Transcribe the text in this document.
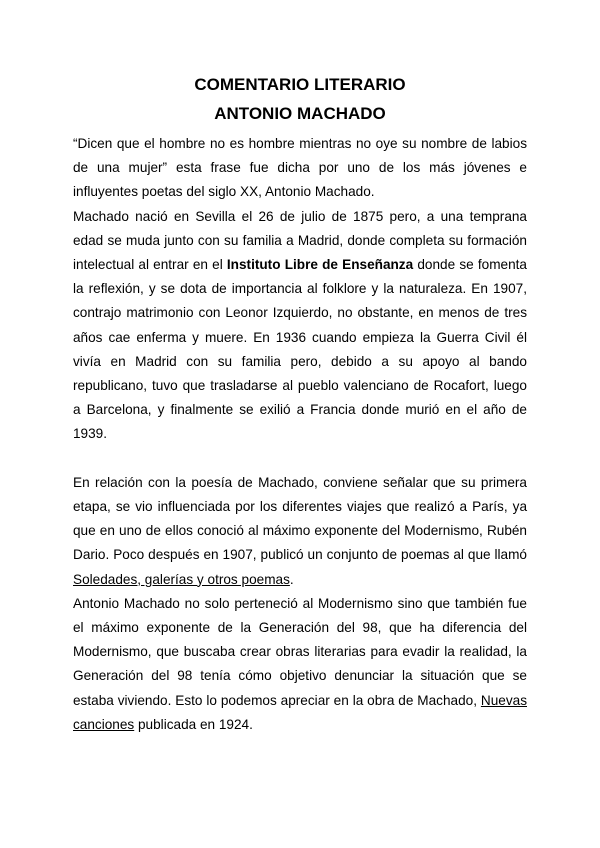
COMENTARIO LITERARIO
ANTONIO MACHADO

“Dicen que el hombre no es hombre mientras no oye su nombre de labios de una mujer” esta frase fue dicha por uno de los más jóvenes e influyentes poetas del siglo XX, Antonio Machado.

Machado nació en Sevilla el 26 de julio de 1875 pero, a una temprana edad se muda junto con su familia a Madrid, donde completa su formación intelectual al entrar en el Instituto Libre de Enseñanza donde se fomenta la reflexión, y se dota de importancia al folklore y la naturaleza. En 1907, contrajo matrimonio con Leonor Izquierdo, no obstante, en menos de tres años cae enferma y muere. En 1936 cuando empieza la Guerra Civil él vivía en Madrid con su familia pero, debido a su apoyo al bando republicano, tuvo que trasladarse al pueblo valenciano de Rocafort, luego a Barcelona, y finalmente se exilió a Francia donde murió en el año de 1939.

En relación con la poesía de Machado, conviene señalar que su primera etapa, se vio influenciada por los diferentes viajes que realizó a París, ya que en uno de ellos conoció al máximo exponente del Modernismo, Rubén Dario. Poco después en 1907, publicó un conjunto de poemas al que llamó Soledades, galerías y otros poemas.

Antonio Machado no solo perteneció al Modernismo sino que también fue el máximo exponente de la Generación del 98, que ha diferencia del Modernismo, que buscaba crear obras literarias para evadir la realidad, la Generación del 98 tenía cómo objetivo denunciar la situación que se estaba viviendo. Esto lo podemos apreciar en la obra de Machado, Nuevas canciones publicada en 1924.
